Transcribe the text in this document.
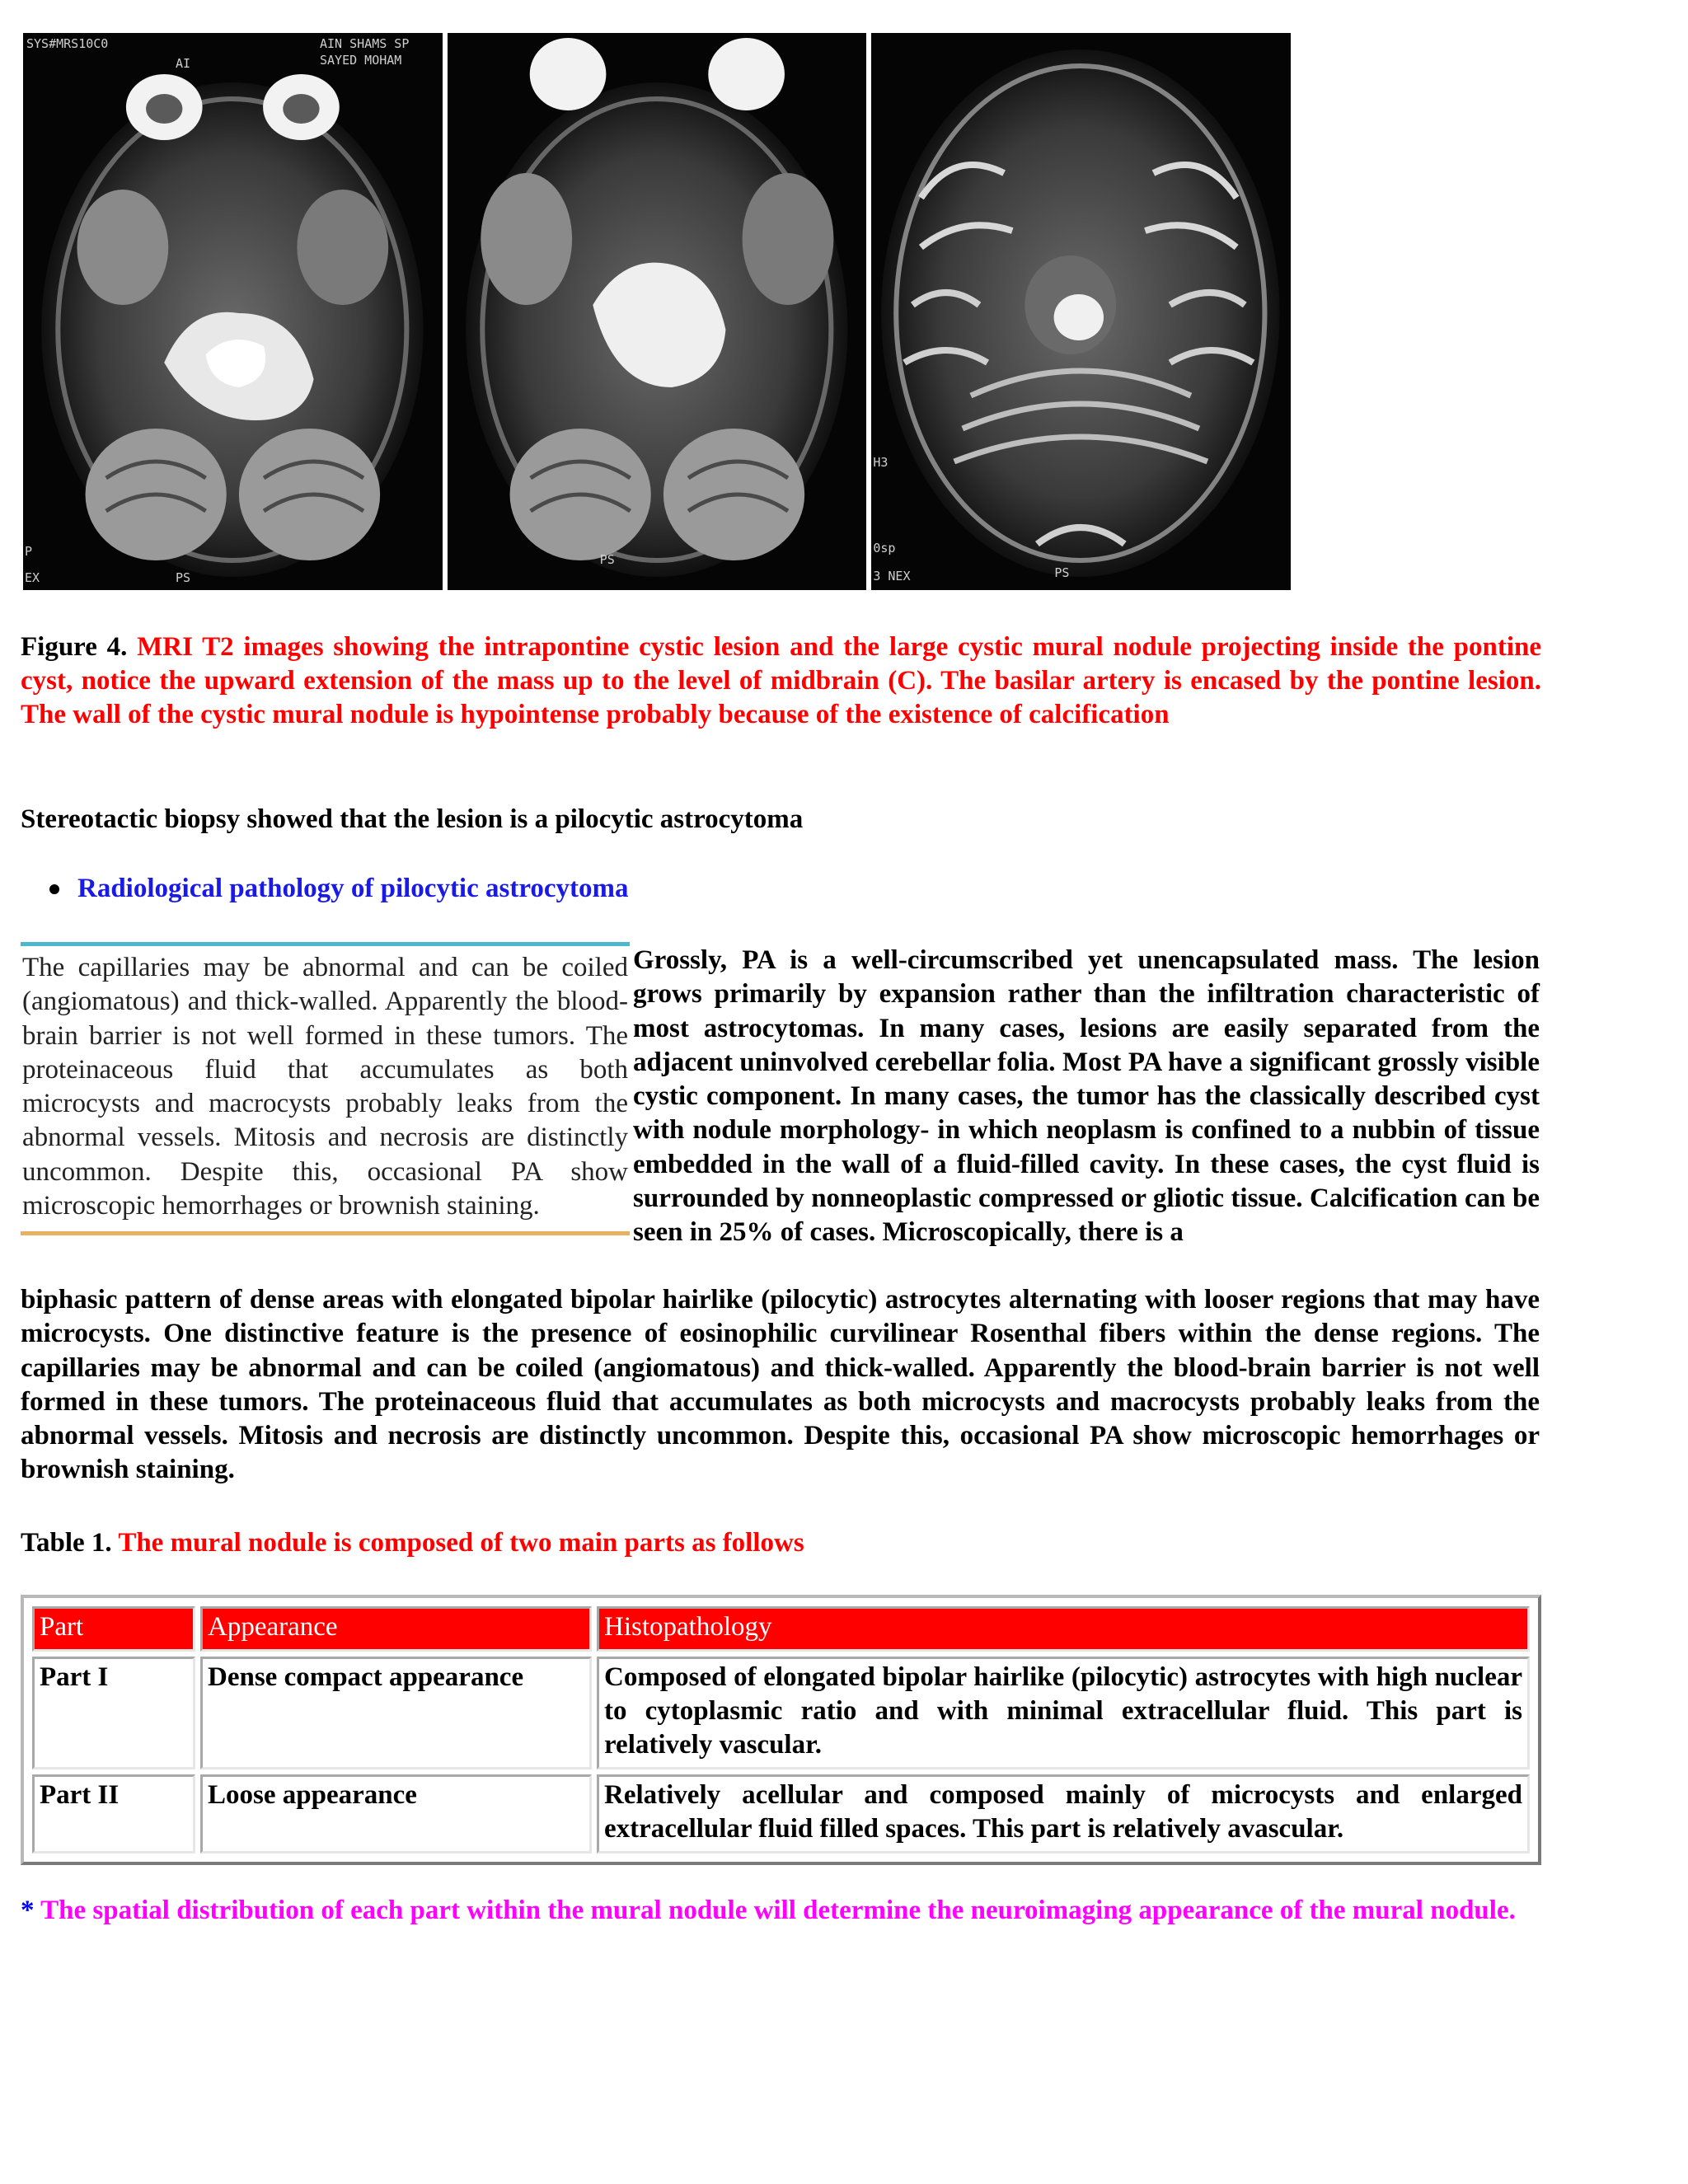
SYS#MRS10C0
AI
AIN SHAMS SP
SAYED MOHAM
P
EX	PS
PS
H3
0sp
3 NEX	PS
Figure 4. MRI T2 images showing the intrapontine cystic lesion and the large cystic mural nodule projecting inside the pontine cyst, notice the upward extension of the mass up to the level of midbrain (C). The basilar artery is encased by the pontine lesion. The wall of the cystic mural nodule is hypointense probably because of the existence of calcification
Stereotactic biopsy showed that the lesion is a pilocytic astrocytoma
Radiological pathology of pilocytic astrocytoma
The capillaries may be abnormal and can be coiled (angiomatous) and thick-walled. Apparently the blood-brain barrier is not well formed in these tumors. The proteinaceous fluid that accumulates as both microcysts and macrocysts probably leaks from the abnormal vessels. Mitosis and necrosis are distinctly uncommon. Despite this, occasional PA show microscopic hemorrhages or brownish staining.
Grossly, PA is a well-circumscribed yet unencapsulated mass. The lesion grows primarily by expansion rather than the infiltration characteristic of most astrocytomas. In many cases, lesions are easily separated from the adjacent uninvolved cerebellar folia. Most PA have a significant grossly visible cystic component. In many cases, the tumor has the classically described cyst with nodule morphology- in which neoplasm is confined to a nubbin of tissue embedded in the wall of a fluid-filled cavity. In these cases, the cyst fluid is surrounded by nonneoplastic compressed or gliotic tissue. Calcification can be seen in 25% of cases. Microscopically, there is a
biphasic pattern of dense areas with elongated bipolar hairlike (pilocytic) astrocytes alternating with looser regions that may have microcysts. One distinctive feature is the presence of eosinophilic curvilinear Rosenthal fibers within the dense regions. The capillaries may be abnormal and can be coiled (angiomatous) and thick-walled. Apparently the blood-brain barrier is not well formed in these tumors. The proteinaceous fluid that accumulates as both microcysts and macrocysts probably leaks from the abnormal vessels. Mitosis and necrosis are distinctly uncommon. Despite this, occasional PA show microscopic hemorrhages or brownish staining.
Table 1. The mural nodule is composed of two main parts as follows
Part	Appearance	Histopathology
Part I	Dense compact appearance	Composed of elongated bipolar hairlike (pilocytic) astrocytes with high nuclear to cytoplasmic ratio and with minimal extracellular fluid. This part is relatively vascular.
Part II	Loose appearance	Relatively acellular and composed mainly of microcysts and enlarged extracellular fluid filled spaces. This part is relatively avascular.
* The spatial distribution of each part within the mural nodule will determine the neuroimaging appearance of the mural nodule.
